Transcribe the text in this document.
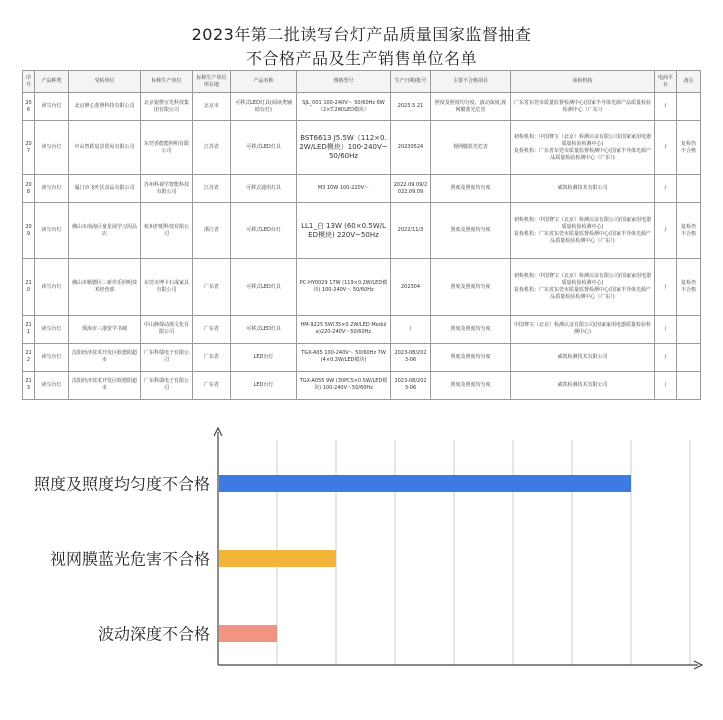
2023年第二批读写台灯产品质量国家监督抽查
不合格产品及生产销售单位名单
序号	产品种类	受检单位	标称生产单位	标称生产单位所在地	产品名称	规格型号	生产日期/批号	主要不合格项目	承检机构	电商平台	备注
206	读写台灯	北京修心蓝照科技有限公司	北京银橙宣光科技集团有限公司	北京市	可移式LED灯具(阅读类辅助台灯)	SJL_001 100-240V～ 50/60Hz 6W（2×T.2W/LED模块）	2023.5.21	照度及照度均匀度、波动深度,视网膜蓝光危害	广东省东莞市质量监督检测中心(国家半导体光源产品质量检验检测中心（广东）)	/	
207	读写台灯	中山智跃宸景贸易有限公司	东莞香能能照明有限公司	江苏省	可移式LED灯具	BST6613 J5.5W（112×0.2W/LED模块）100-240V~50/60Hz	20230524	视网膜蓝光危害	初检机构：中国赛宝（北京）检测认证有限公司(国家家用电器质量检验检测中心)
复检机构：广东省东莞市质量监督检测中心(国家半导体光源产品质量检验检测中心（广东）)	/	复检仍不合格
208	读写台灯	厦门市飞叶沃食品有限公司	苏州科视学智能科技有限公司	江苏省	可移式通用灯具	M3 10W 100-220V～	2022.09.09/2022.09.09	照度及照度均匀度	威凯检测技术有限公司	/	
209	读写台灯	佛山市南海区童星展学习用品店	杭州护眼科技有限公司	浙江省	可移式LED台灯	LL1_白 13W (60×0.5W/LED模块) 220V~50Hz	2022/11/3	照度及照度均匀度	初检机构：中国赛宝（北京）检测认证有限公司(国家家用电器质量检验检测中心)
复检机构：广东省东莞市质量监督检测中心(国家半导体光源产品质量检验检测中心（广东）)	/	复检仍不合格
210	读写台灯	佛山市顺德区三新佳乐照明技术经营部	东莞市博卡石成家具有限公司	广东省	可移式LED灯具	PC-HY0029 17W (119×0.2W/LED模块) 100-240V～ 50/60Hz	202304	照度及照度均匀度	初检机构：中国赛宝（北京）检测认证有限公司(国家家用电器质量检验检测中心)
复检机构：广东省东莞市质量监督检测中心(国家半导体光源产品质量检验检测中心（广东）)	/	复检仍不合格
211	读写台灯	珠海市三港贸学书城	中山静探动漫文化有限公司	广东省	可移式LED灯具	HM-9225 5W(35×0.2W/LED Module)220-240V～50/60Hz	/	照度及照度均匀度	中国赛宝（北京）检测认证有限公司(国家家用电器质量检验检测中心)	/	
212	读写台灯	沈阳经济技术开发区欧德阳超市	广东科瑞电子有限公司	广东省	LED台灯	TGX-A05 100-240V～ 50/60Hz 7W(4×0.2W/LED模块)	2023-08/2023-06	照度及照度均匀度	威凯检测技术有限公司	/	
213	读写台灯	沈阳经济技术开发区欧德阳超市	广东科瑞电子有限公司	广东省	LED台灯	TGX-A055 9W (30PCS×0.5W/LED模块) 100-240V～50/60Hz	2023-08/2023-06	照度及照度均匀度	威凯检测技术有限公司	/	
照度及照度均匀度不合格
视网膜蓝光危害不合格
波动深度不合格
